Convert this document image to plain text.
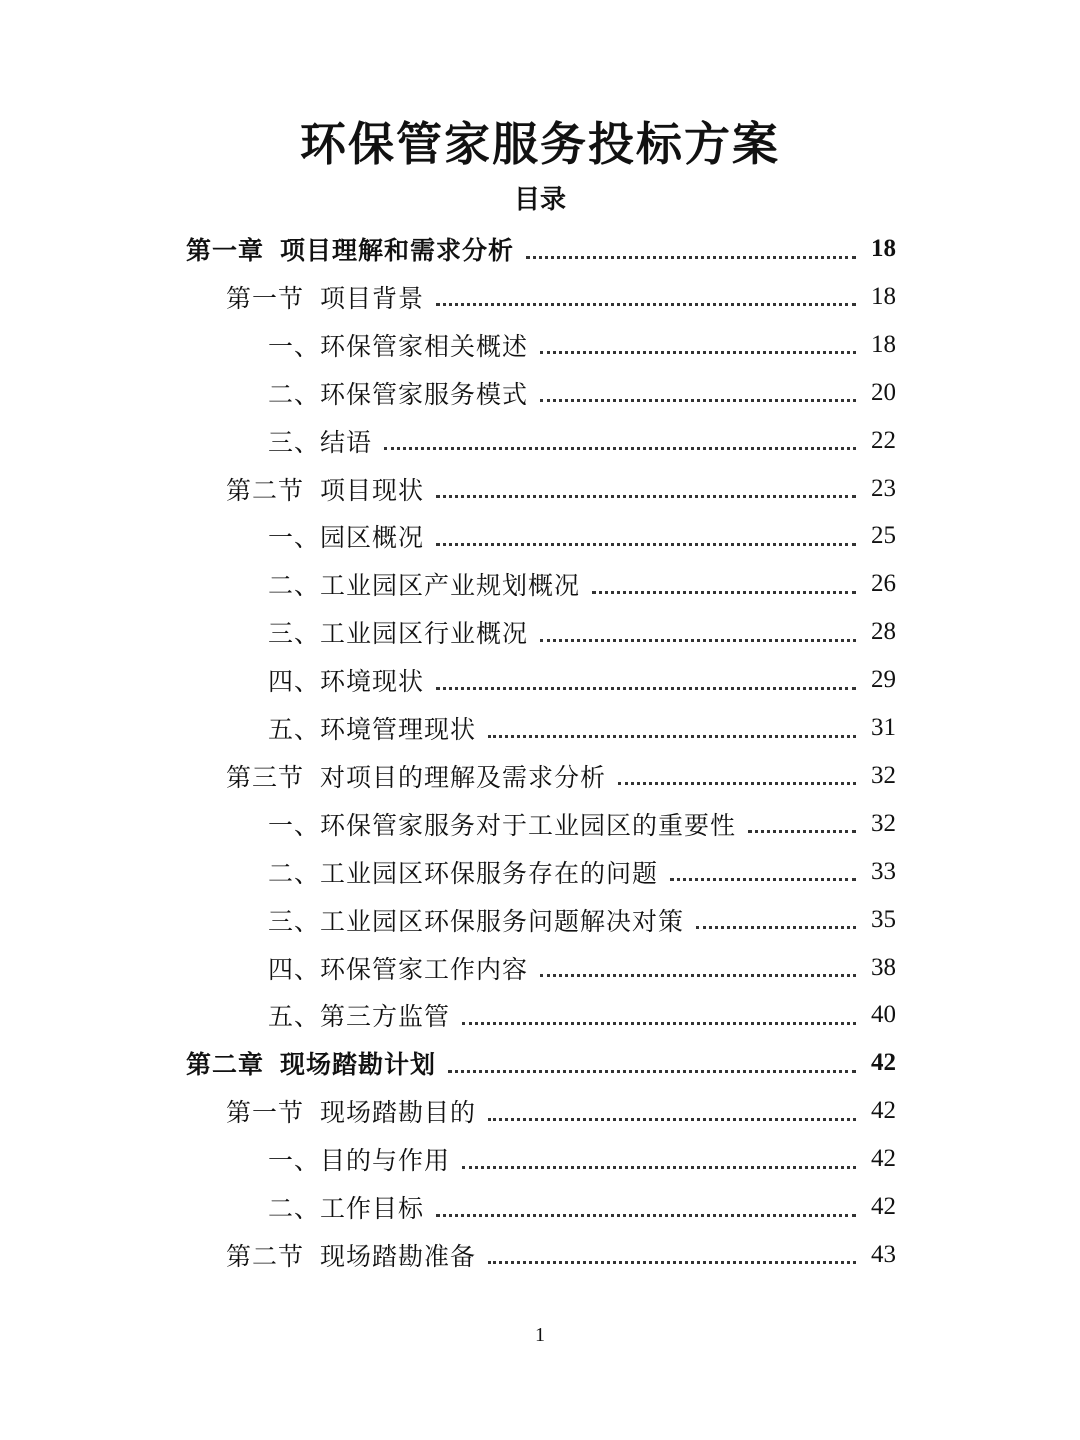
环保管家服务投标方案
目录
第一章 项目理解和需求分析	18
第一节 项目背景	18
一、环保管家相关概述	18
二、环保管家服务模式	20
三、结语	22
第二节 项目现状	23
一、园区概况	25
二、工业园区产业规划概况	26
三、工业园区行业概况	28
四、环境现状	29
五、环境管理现状	31
第三节 对项目的理解及需求分析	32
一、环保管家服务对于工业园区的重要性	32
二、工业园区环保服务存在的问题	33
三、工业园区环保服务问题解决对策	35
四、环保管家工作内容	38
五、第三方监管	40
第二章 现场踏勘计划	42
第一节 现场踏勘目的	42
一、目的与作用	42
二、工作目标	42
第二节 现场踏勘准备	43
1
